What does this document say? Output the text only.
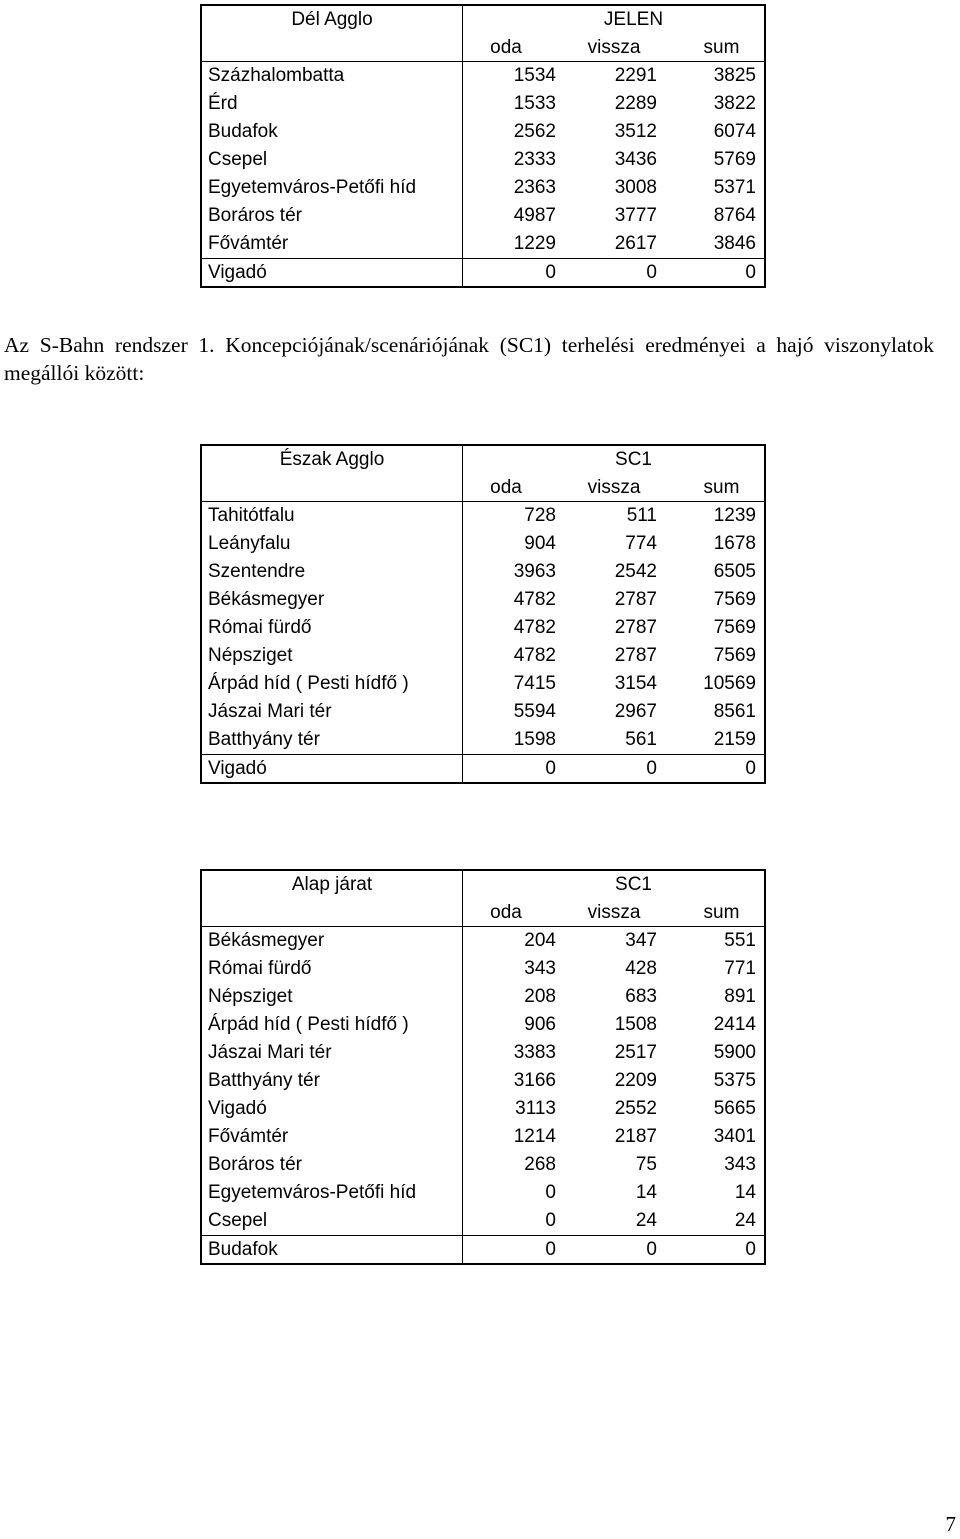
Dél Agglo	JELEN
oda	vissza	sum
Százhalombatta	1534	2291	3825
Érd	1533	2289	3822
Budafok	2562	3512	6074
Csepel	2333	3436	5769
Egyetemváros-Petőfi híd	2363	3008	5371
Boráros tér	4987	3777	8764
Fővámtér	1229	2617	3846
Vigadó	0	0	0
Az S-Bahn rendszer 1. Koncepciójának/scenáriójának (SC1) terhelési eredményei a hajó viszonylatok megállói között:
Észak Agglo	SC1
oda	vissza	sum
Tahitótfalu	728	511	1239
Leányfalu	904	774	1678
Szentendre	3963	2542	6505
Békásmegyer	4782	2787	7569
Római fürdő	4782	2787	7569
Népsziget	4782	2787	7569
Árpád híd ( Pesti hídfő )	7415	3154	10569
Jászai Mari tér	5594	2967	8561
Batthyány tér	1598	561	2159
Vigadó	0	0	0
Alap járat	SC1
oda	vissza	sum
Békásmegyer	204	347	551
Római fürdő	343	428	771
Népsziget	208	683	891
Árpád híd ( Pesti hídfő )	906	1508	2414
Jászai Mari tér	3383	2517	5900
Batthyány tér	3166	2209	5375
Vigadó	3113	2552	5665
Fővámtér	1214	2187	3401
Boráros tér	268	75	343
Egyetemváros-Petőfi híd	0	14	14
Csepel	0	24	24
Budafok	0	0	0
7
